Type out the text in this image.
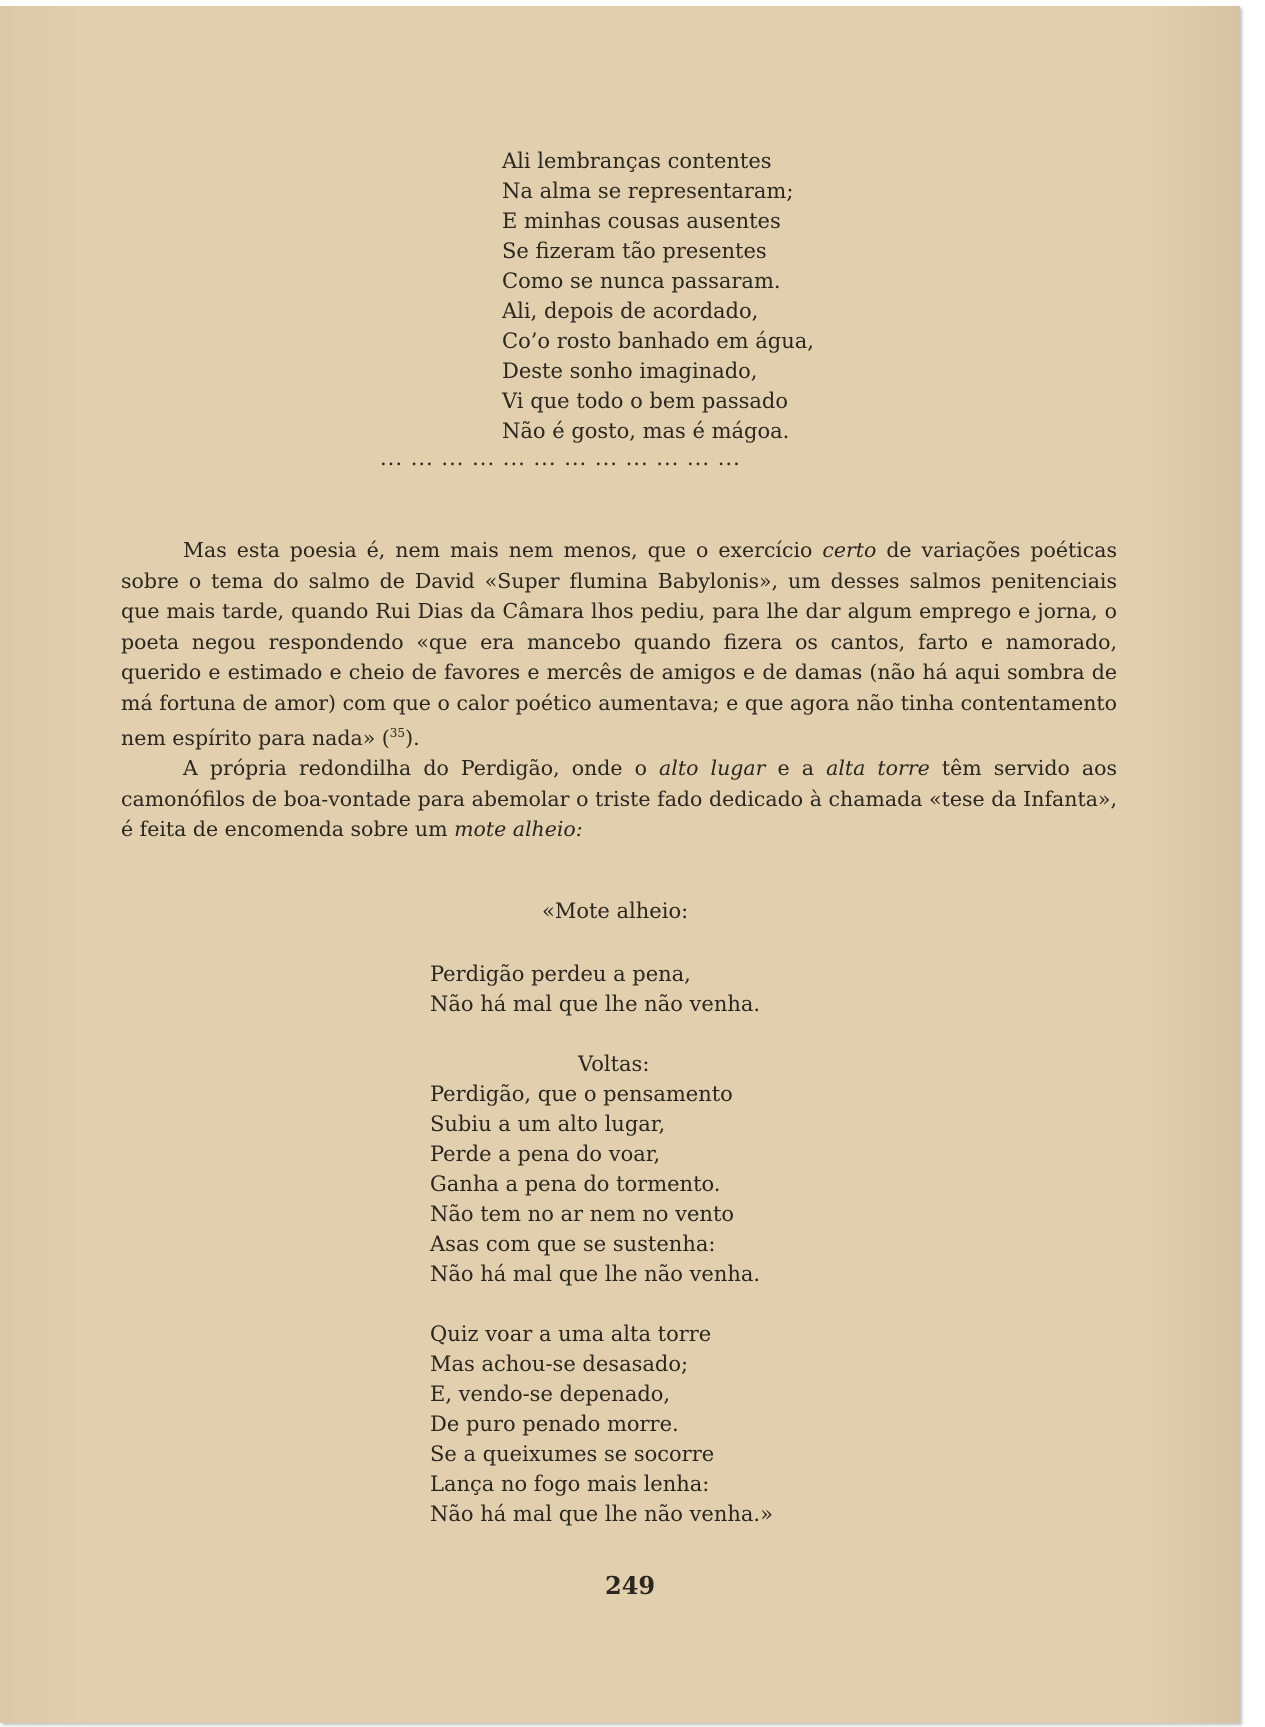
Ali lembranças contentes
Na alma se representaram;
E minhas cousas ausentes
Se fizeram tão presentes
Como se nunca passaram.
Ali, depois de acordado,
Co’o rosto banhado em água,
Deste sonho imaginado,
Vi que todo o bem passado
Não é gosto, mas é mágoa.
... ... ... ... ... ... ... ... ... ... ... ...

Mas esta poesia é, nem mais nem menos, que o exercício certo de variações poéticas sobre o tema do salmo de David «Super flumina Babylonis», um desses salmos penitenciais que mais tarde, quando Rui Dias da Câmara lhos pediu, para lhe dar algum emprego e jorna, o poeta negou respondendo «que era mancebo quando fizera os cantos, farto e namorado, querido e estimado e cheio de favores e mercês de amigos e de damas (não há aqui sombra de má fortuna de amor) com que o calor poético aumentava; e que agora não tinha contentamento nem espírito para nada» ($^{35}$).

A própria redondilha do Perdigão, onde o alto lugar e a alta torre têm servido aos camonófilos de boa-vontade para abemolar o triste fado dedicado à chamada «tese da Infanta», é feita de encomenda sobre um mote alheio:

«Mote alheio:
Perdigão perdeu a pena,
Não há mal que lhe não venha.
Voltas:
Perdigão, que o pensamento
Subiu a um alto lugar,
Perde a pena do voar,
Ganha a pena do tormento.
Não tem no ar nem no vento
Asas com que se sustenha:
Não há mal que lhe não venha.
Quiz voar a uma alta torre
Mas achou-se desasado;
E, vendo-se depenado,
De puro penado morre.
Se a queixumes se socorre
Lança no fogo mais lenha:
Não há mal que lhe não venha.»
249
